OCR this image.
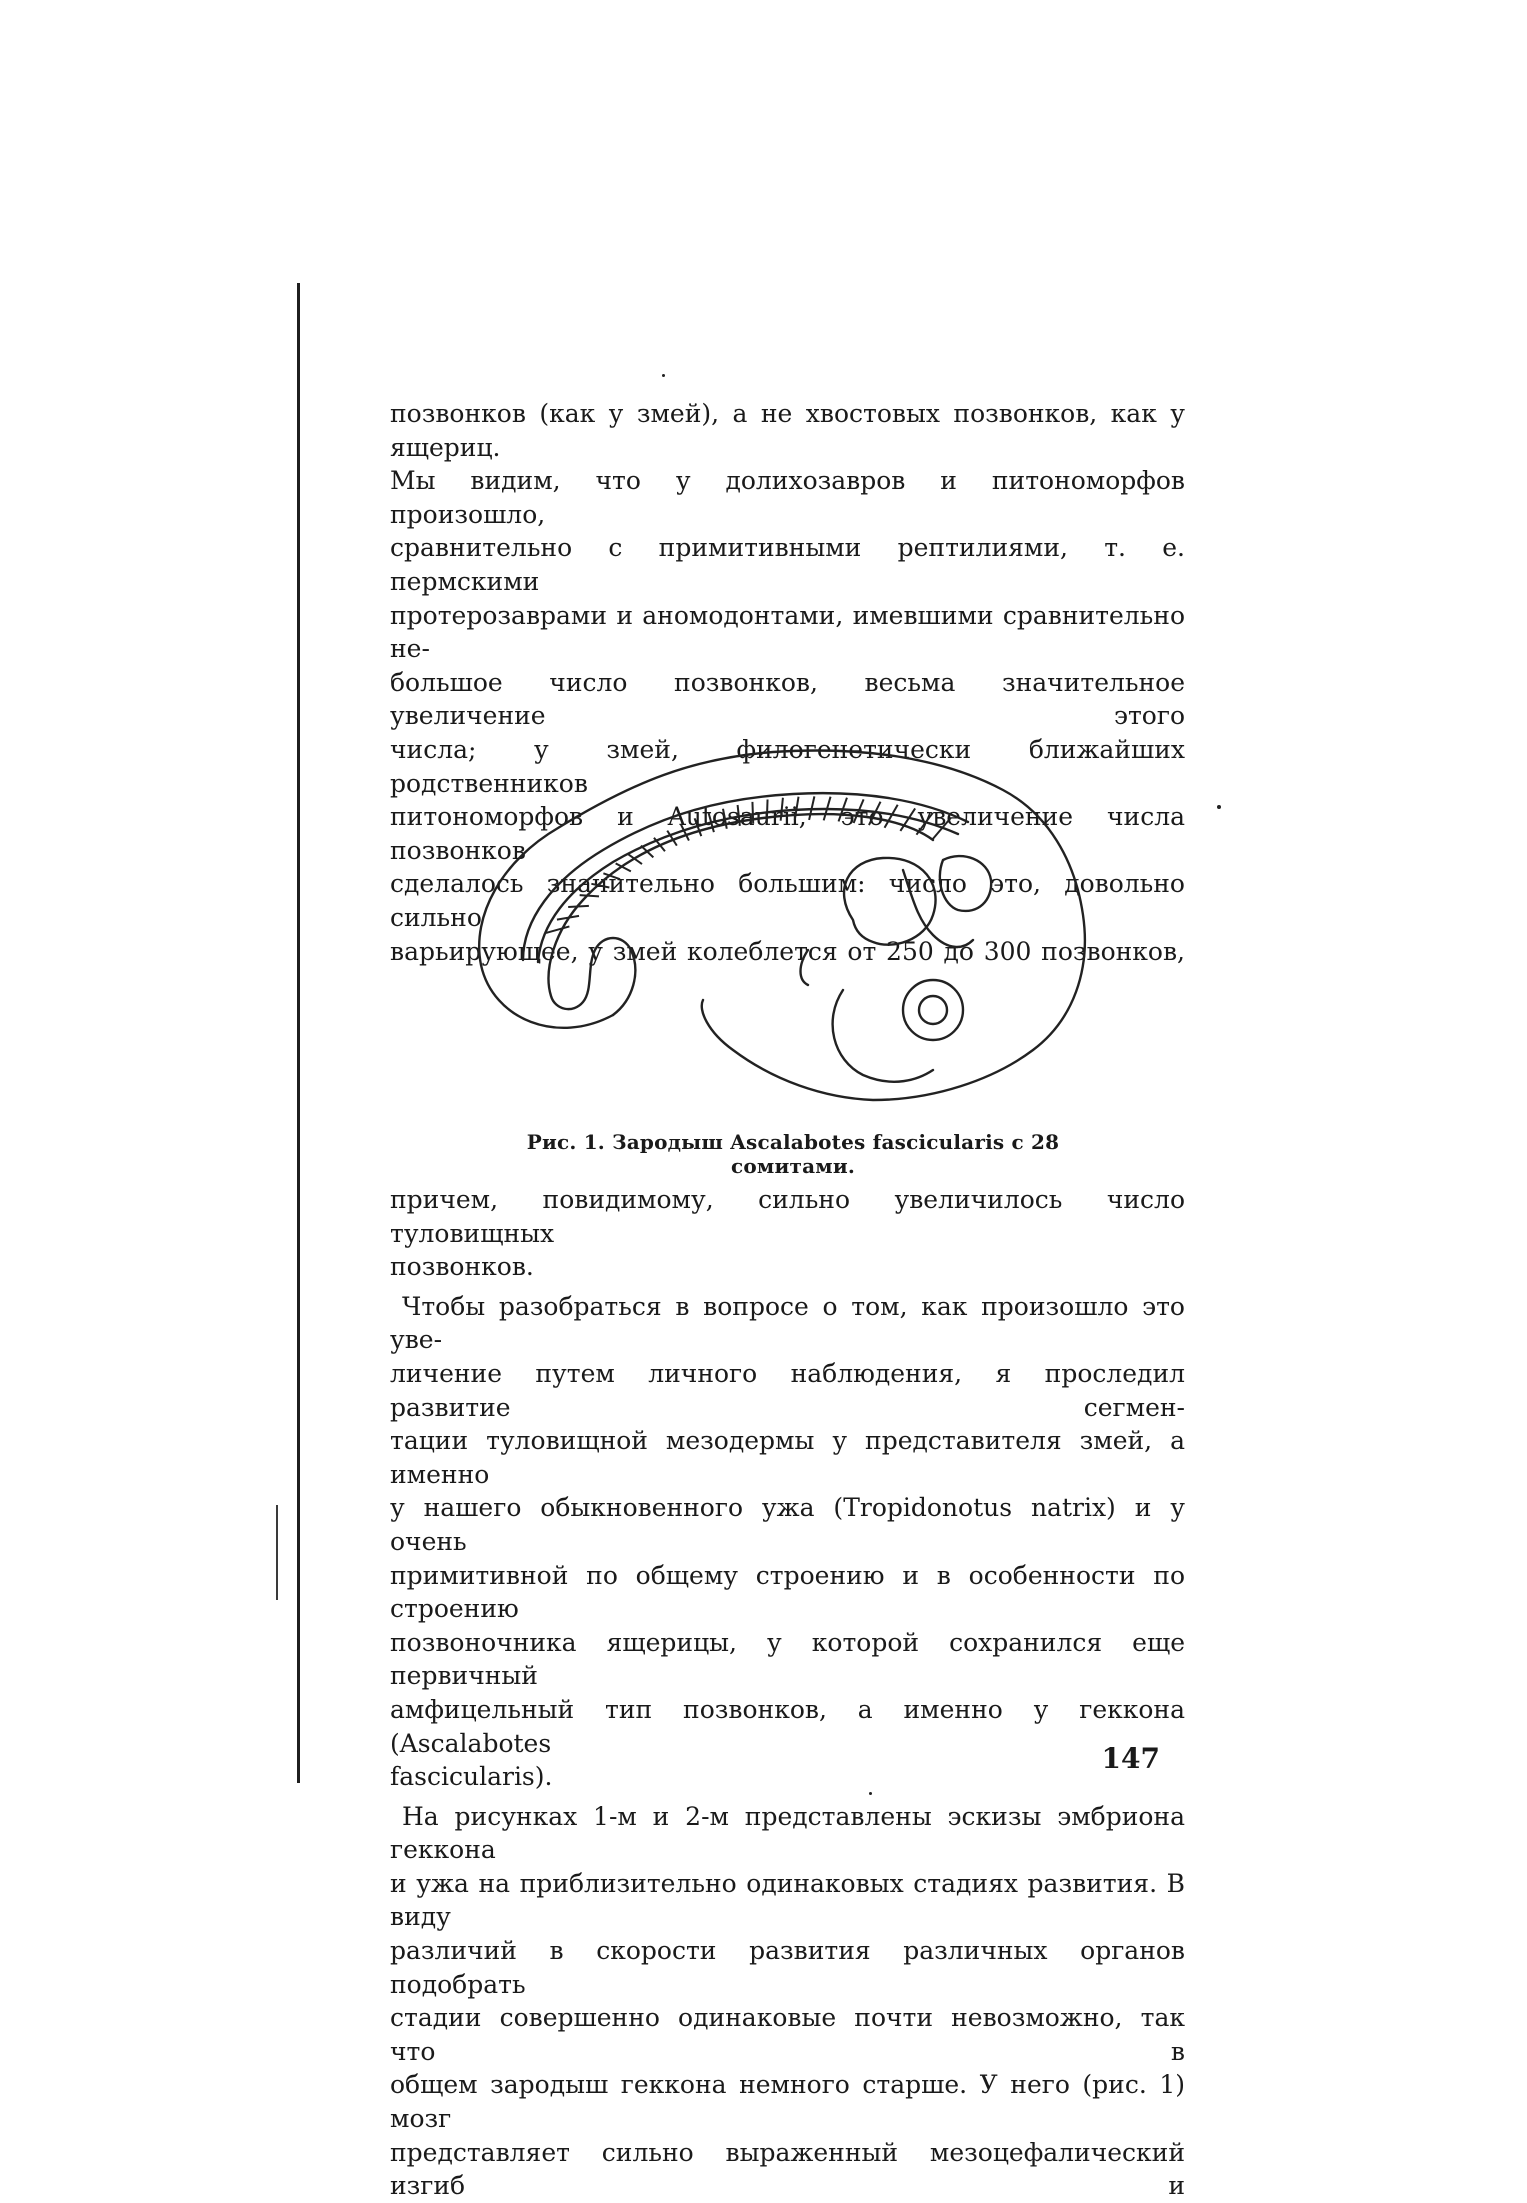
позвонков (как у змей), а не хвостовых позвонков, как у ящериц.
Мы видим, что у долихозавров и питономорфов произошло,
сравнительно с примитивными рептилиями, т. е. пермскими
протерозаврами и аномодонтами, имевшими сравнительно не-
большое число позвонков, весьма значительное увеличение этого
числа; у змей, филогенетически ближайших родственников
питономорфов и Autosaurii, это увеличение числа позвонков
сделалось значительно большим: число это, довольно сильно
варьирующее, у змей колеблется от 250 до 300 позвонков,

Рис. 1. Зародыш Ascalabotes fascicularis с 28 сомитами.

причем, повидимому, сильно увеличилось число туловищных
позвонков.

Чтобы разобраться в вопросе о том, как произошло это уве-
личение путем личного наблюдения, я проследил развитие сегмен-
тации туловищной мезодермы у представителя змей, а именно
у нашего обыкновенного ужа (Tropidonotus natrix) и у очень
примитивной по общему строению и в особенности по строению
позвоночника ящерицы, у которой сохранился еще первичный
амфицельный тип позвонков, а именно у геккона (Ascalabotes
fascicularis).

На рисунках 1-м и 2-м представлены эскизы эмбриона геккона
и ужа на приблизительно одинаковых стадиях развития. В виду
различий в скорости развития различных органов подобрать
стадии совершенно одинаковые почти невозможно, так что в
общем зародыш геккона немного старше. У него (рис. 1) мозг
представляет сильно выраженный мезоцефалический изгиб и

147
